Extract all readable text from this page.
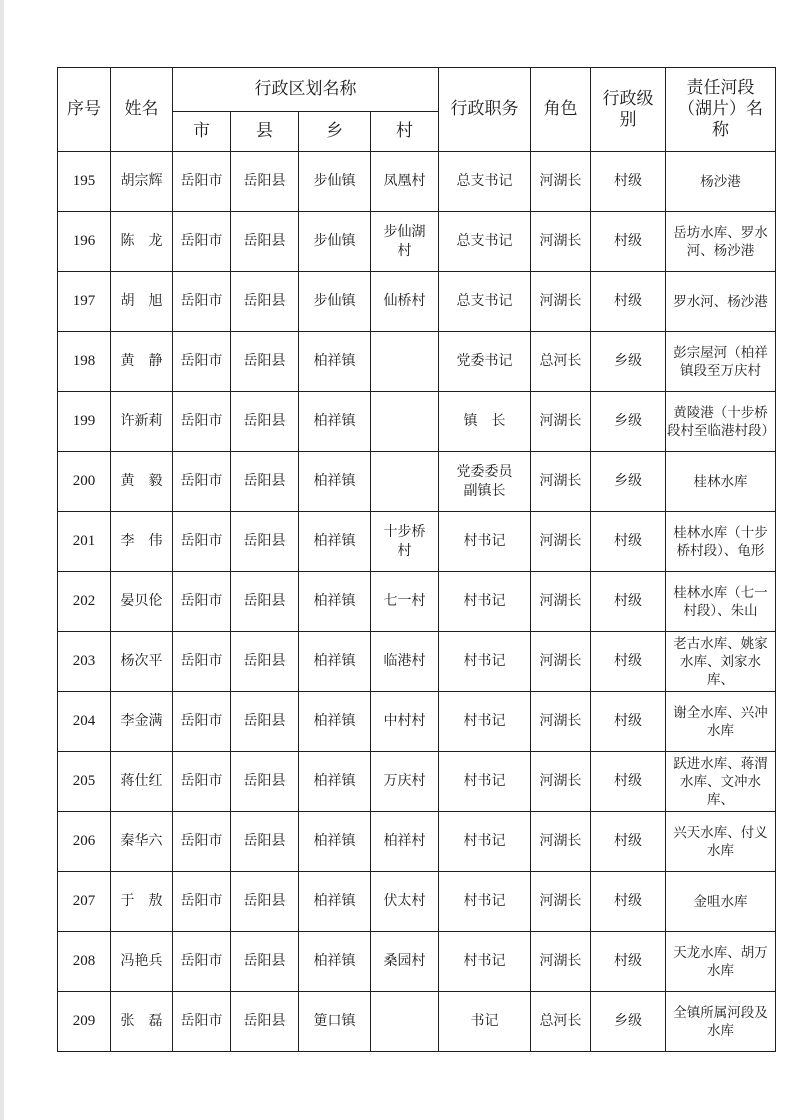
序号	姓名	行政区划名称				行政职务	角色	行政级别	责任河段（湖片）名称

		市	县	乡	村				
195	胡宗辉	岳阳市	岳阳县	步仙镇	凤凰村	总支书记	河湖长	村级	杨沙港

196	陈　龙	岳阳市	岳阳县	步仙镇	步仙湖村	总支书记	河湖长	村级	岳坊水库、罗水河、杨沙港

197	胡　旭	岳阳市	岳阳县	步仙镇	仙桥村	总支书记	河湖长	村级	罗水河、杨沙港

198	黄　静	岳阳市	岳阳县	柏祥镇		党委书记	总河长	乡级	彭宗屋河（柏祥镇段至万庆村

199	许新莉	岳阳市	岳阳县	柏祥镇		镇　长	河湖长	乡级	黄陵港（十步桥段村至临港村段）

200	黄　毅	岳阳市	岳阳县	柏祥镇		党委委员副镇长	河湖长	乡级	桂林水库

201	李　伟	岳阳市	岳阳县	柏祥镇	十步桥村	村书记	河湖长	村级	桂林水库（十步桥村段）、龟形

202	晏贝伦	岳阳市	岳阳县	柏祥镇	七一村	村书记	河湖长	村级	桂林水库（七一村段）、朱山

203	杨次平	岳阳市	岳阳县	柏祥镇	临港村	村书记	河湖长	村级	老古水库、姚家水库、刘家水库、

204	李金满	岳阳市	岳阳县	柏祥镇	中村村	村书记	河湖长	村级	谢全水库、兴冲水库

205	蒋仕红	岳阳市	岳阳县	柏祥镇	万庆村	村书记	河湖长	村级	跃进水库、蒋渭水库、文冲水库、

206	秦华六	岳阳市	岳阳县	柏祥镇	柏祥村	村书记	河湖长	村级	兴天水库、付义水库

207	于　敖	岳阳市	岳阳县	柏祥镇	伏太村	村书记	河湖长	村级	金咀水库

208	冯艳兵	岳阳市	岳阳县	柏祥镇	桑园村	村书记	河湖长	村级	天龙水库、胡万水库

209	张　磊	岳阳市	岳阳县	筻口镇		书记	总河长	乡级	全镇所属河段及水库
